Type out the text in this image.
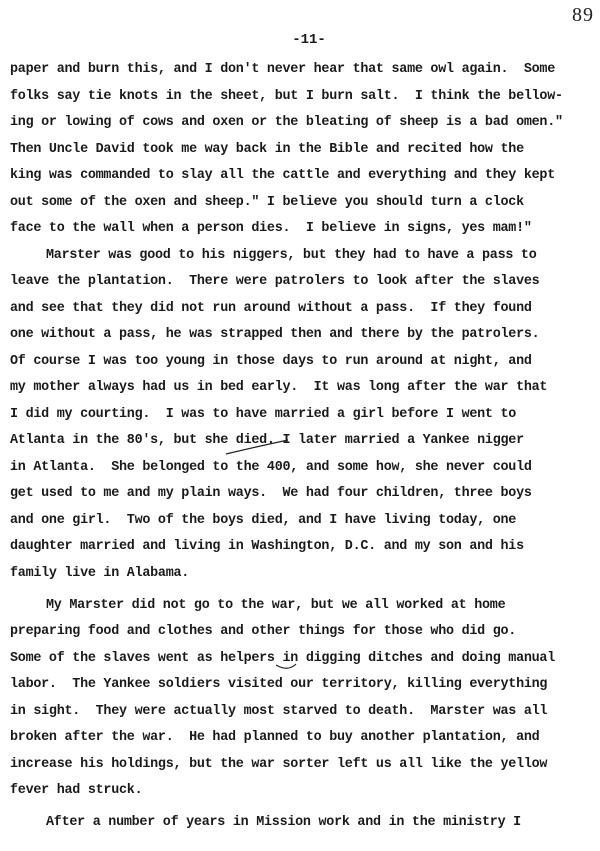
89
-11-
paper and burn this, and I don't never hear that same owl again.  Some
folks say tie knots in the sheet, but I burn salt.  I think the bellow-
ing or lowing of cows and oxen or the bleating of sheep is a bad omen."
Then Uncle David took me way back in the Bible and recited how the
king was commanded to slay all the cattle and everything and they kept
out some of the oxen and sheep." I believe you should turn a clock
face to the wall when a person dies.  I believe in signs, yes mam!"
Marster was good to his niggers, but they had to have a pass to
leave the plantation.  There were patrolers to look after the slaves
and see that they did not run around without a pass.  If they found
one without a pass, he was strapped then and there by the patrolers.
Of course I was too young in those days to run around at night, and
my mother always had us in bed early.  It was long after the war that
I did my courting.  I was to have married a girl before I went to
Atlanta in the 80's, but she died. I later married a Yankee nigger
in Atlanta.  She belonged to the 400, and some how, she never could
get used to me and my plain ways.  We had four children, three boys
and one girl.  Two of the boys died, and I have living today, one
daughter married and living in Washington, D.C. and my son and his
family live in Alabama.
My Marster did not go to the war, but we all worked at home
preparing food and clothes and other things for those who did go.
Some of the slaves went as helpers in digging ditches and doing manual
labor.  The Yankee soldiers visited our territory, killing everything
in sight.  They were actually most starved to death.  Marster was all
broken after the war.  He had planned to buy another plantation, and
increase his holdings, but the war sorter left us all like the yellow
fever had struck.
After a number of years in Mission work and in the ministry I
